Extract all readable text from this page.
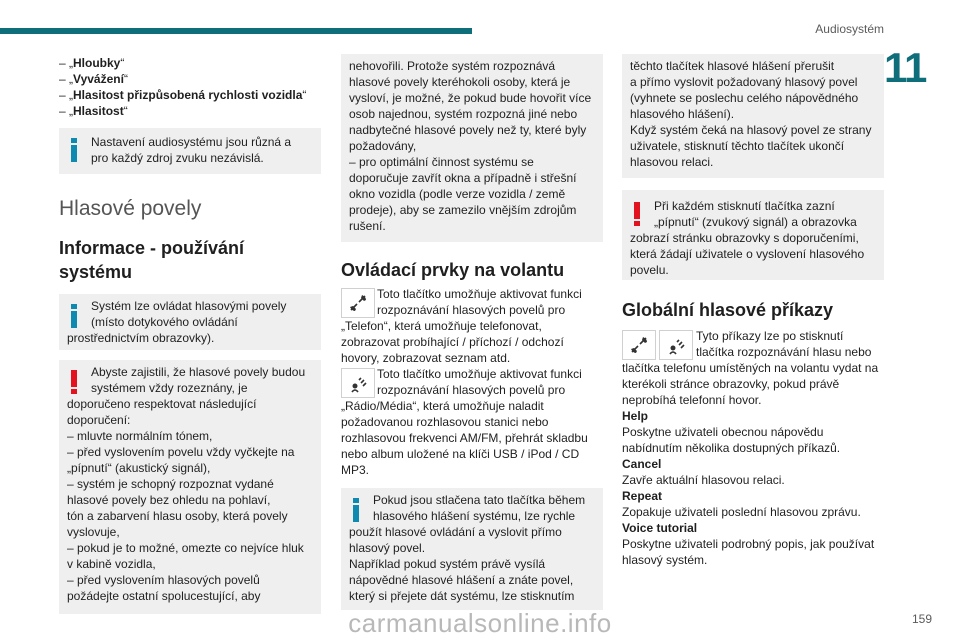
Audiosystém
11
– „Hloubky“
– „Vyvážení“
– „Hlasitost přizpůsobená rychlosti vozidla“
– „Hlasitost“
Nastavení audiosystému jsou různá a
pro každý zdroj zvuku nezávislá.
Hlasové povely
Informace - používání
systému
Systém lze ovládat hlasovými povely
(místo dotykového ovládání
prostřednictvím obrazovky).
Abyste zajistili, že hlasové povely budou
systémem vždy rozeznány, je
doporučeno respektovat následující
doporučení:
– mluvte normálním tónem,
– před vyslovením povelu vždy vyčkejte na
„pípnutí“ (akustický signál),
– systém je schopný rozpoznat vydané
hlasové povely bez ohledu na pohlaví,
tón a zabarvení hlasu osoby, která povely
vyslovuje,
– pokud je to možné, omezte co nejvíce hluk
v kabině vozidla,
– před vyslovením hlasových povelů
požádejte ostatní spolucestující, aby
nehovořili. Protože systém rozpoznává
hlasové povely kteréhokoli osoby, která je
vysloví, je možné, že pokud bude hovořit více
osob najednou, systém rozpozná jiné nebo
nadbytečné hlasové povely než ty, které byly
požadovány,
– pro optimální činnost systému se
doporučuje zavřít okna a případně i střešní
okno vozidla (podle verze vozidla / země
prodeje), aby se zamezilo vnějším zdrojům
rušení.
Ovládací prvky na volantu
Toto tlačítko umožňuje aktivovat funkci
rozpoznávání hlasových povelů pro
„Telefon“, která umožňuje telefonovat,
zobrazovat probíhající / příchozí / odchozí
hovory, zobrazovat seznam atd.
Toto tlačítko umožňuje aktivovat funkci
rozpoznávání hlasových povelů pro
„Rádio/Média“, která umožňuje naladit
požadovanou rozhlasovou stanici nebo
rozhlasovou frekvenci AM/FM, přehrát skladbu
nebo album uložené na klíči USB / iPod / CD
MP3.
Pokud jsou stlačena tato tlačítka během
hlasového hlášení systému, lze rychle
použít hlasové ovládání a vyslovit přímo
hlasový povel.
Například pokud systém právě vysílá
nápovědné hlasové hlášení a znáte povel,
který si přejete dát systému, lze stisknutím
těchto tlačítek hlasové hlášení přerušit
a přímo vyslovit požadovaný hlasový povel
(vyhnete se poslechu celého nápovědného
hlasového hlášení).
Když systém čeká na hlasový povel ze strany
uživatele, stisknutí těchto tlačítek ukončí
hlasovou relaci.
Při každém stisknutí tlačítka zazní
„pípnutí“ (zvukový signál) a obrazovka
zobrazí stránku obrazovky s doporučeními,
která žádají uživatele o vyslovení hlasového
povelu.
Globální hlasové příkazy
Tyto příkazy lze po stisknutí
tlačítka rozpoznávání hlasu nebo
tlačítka telefonu umístěných na volantu vydat na
kterékoli stránce obrazovky, pokud právě
neprobíhá telefonní hovor.
Help
Poskytne uživateli obecnou nápovědu
nabídnutím několika dostupných příkazů.
Cancel
Zavře aktuální hlasovou relaci.
Repeat
Zopakuje uživateli poslední hlasovou zprávu.
Voice tutorial
Poskytne uživateli podrobný popis, jak používat
hlasový systém.
carmanualsonline.info	159
